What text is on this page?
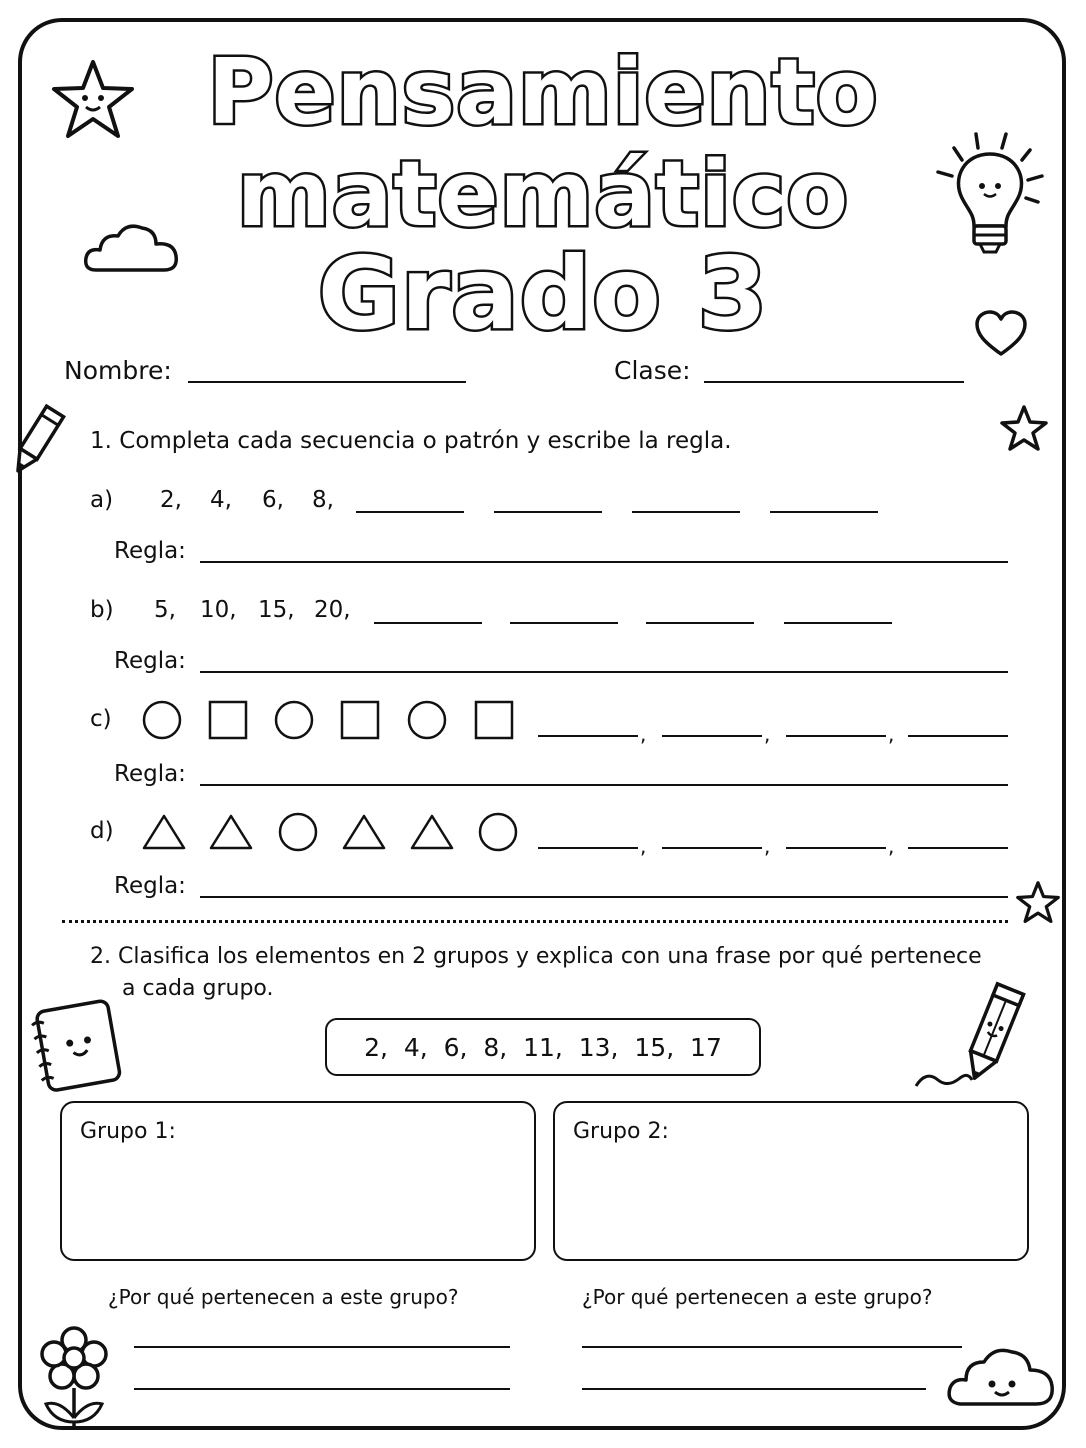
Pensamiento
matemático
Grado 3
Nombre:	Clase:
1. Completa cada secuencia o patrón y escribe la regla.
a) 2, 4, 6, 8,
Regla:
b) 5, 10, 15, 20,
Regla:
c)
,	,	,
Regla:
d)
,	,	,
Regla:
2. Clasifica los elementos en 2 grupos y explica con una frase por qué pertenece
a cada grupo.
2,  4,  6,  8,  11,  13,  15,  17
Grupo 1:	Grupo 2:
¿Por qué pertenecen a este grupo?	¿Por qué pertenecen a este grupo?
